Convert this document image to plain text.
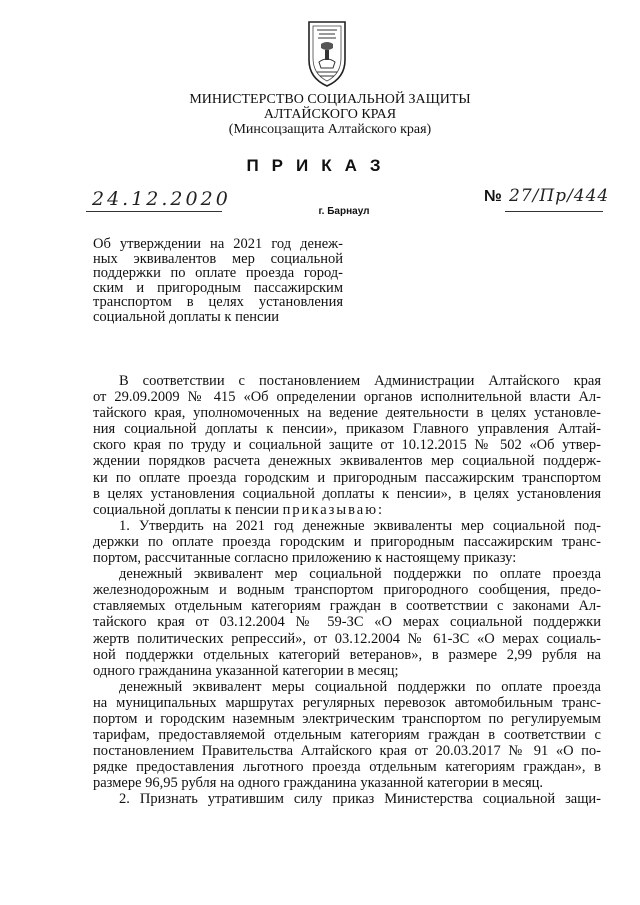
МИНИСТЕРСТВО СОЦИАЛЬНОЙ ЗАЩИТЫ
АЛТАЙСКОГО КРАЯ
(Минсоцзащита Алтайского края)
ПРИКАЗ
24.12.2020	№ 27/Пр/444
г. Барнаул
Об утверждении на 2021 год денеж-
ных эквивалентов мер социальной
поддержки по оплате проезда город-
ским и пригородным пассажирским
транспортом в целях установления
социальной доплаты к пенсии
В соответствии с постановлением Администрации Алтайского края
от 29.09.2009 № 415 «Об определении органов исполнительной власти Ал-
тайского края, уполномоченных на ведение деятельности в целях установле-
ния социальной доплаты к пенсии», приказом Главного управления Алтай-
ского края по труду и социальной защите от 10.12.2015 № 502 «Об утвер-
ждении порядков расчета денежных эквивалентов мер социальной поддерж-
ки по оплате проезда городским и пригородным пассажирским транспортом
в целях установления социальной доплаты к пенсии», в целях установления
социальной доплаты к пенсии приказываю:
1. Утвердить на 2021 год денежные эквиваленты мер социальной под-
держки по оплате проезда городским и пригородным пассажирским транс-
портом, рассчитанные согласно приложению к настоящему приказу:
денежный эквивалент мер социальной поддержки по оплате проезда
железнодорожным и водным транспортом пригородного сообщения, предо-
ставляемых отдельным категориям граждан в соответствии с законами Ал-
тайского края от 03.12.2004 № 59-ЗС «О мерах социальной поддержки
жертв политических репрессий», от 03.12.2004 № 61-ЗС «О мерах социаль-
ной поддержки отдельных категорий ветеранов», в размере 2,99 рубля на
одного гражданина указанной категории в месяц;
денежный эквивалент меры социальной поддержки по оплате проезда
на муниципальных маршрутах регулярных перевозок автомобильным транс-
портом и городским наземным электрическим транспортом по регулируемым
тарифам, предоставляемой отдельным категориям граждан в соответствии с
постановлением Правительства Алтайского края от 20.03.2017 № 91 «О по-
рядке предоставления льготного проезда отдельным категориям граждан», в
размере 96,95 рубля на одного гражданина указанной категории в месяц.
2. Признать утратившим силу приказ Министерства социальной защи-
